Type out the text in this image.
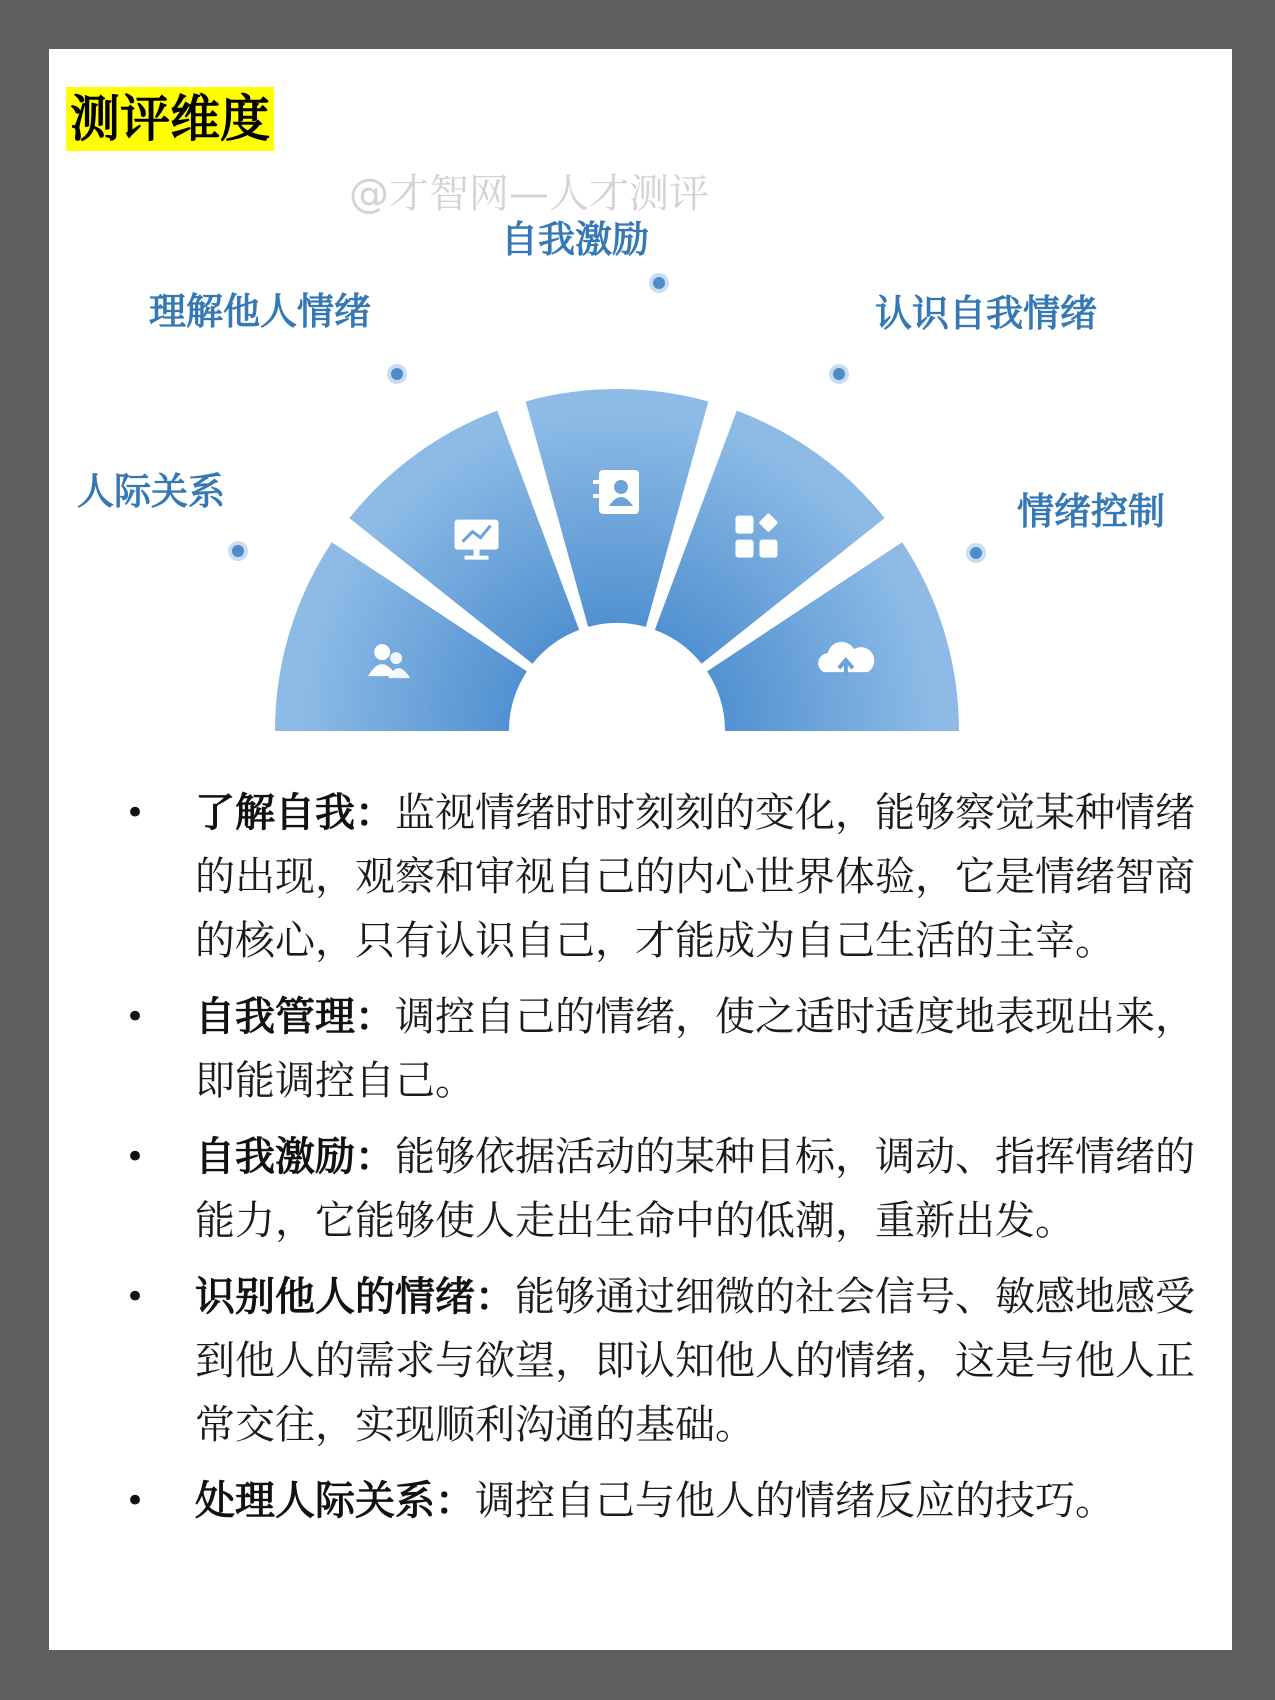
测评维度
@才智网—人才测评
人际关系
理解他人情绪
自我激励
认识自我情绪
情绪控制
• 了解自我：监视情绪时时刻刻的变化，能够察觉某种情绪的出现，观察和审视自己的内心世界体验，它是情绪智商的核心，只有认识自己，才能成为自己生活的主宰。
• 自我管理：调控自己的情绪，使之适时适度地表现出来，即能调控自己。
• 自我激励：能够依据活动的某种目标，调动、指挥情绪的能力，它能够使人走出生命中的低潮，重新出发。
• 识别他人的情绪：能够通过细微的社会信号、敏感地感受到他人的需求与欲望，即认知他人的情绪，这是与他人正常交往，实现顺利沟通的基础。
• 处理人际关系：调控自己与他人的情绪反应的技巧。
